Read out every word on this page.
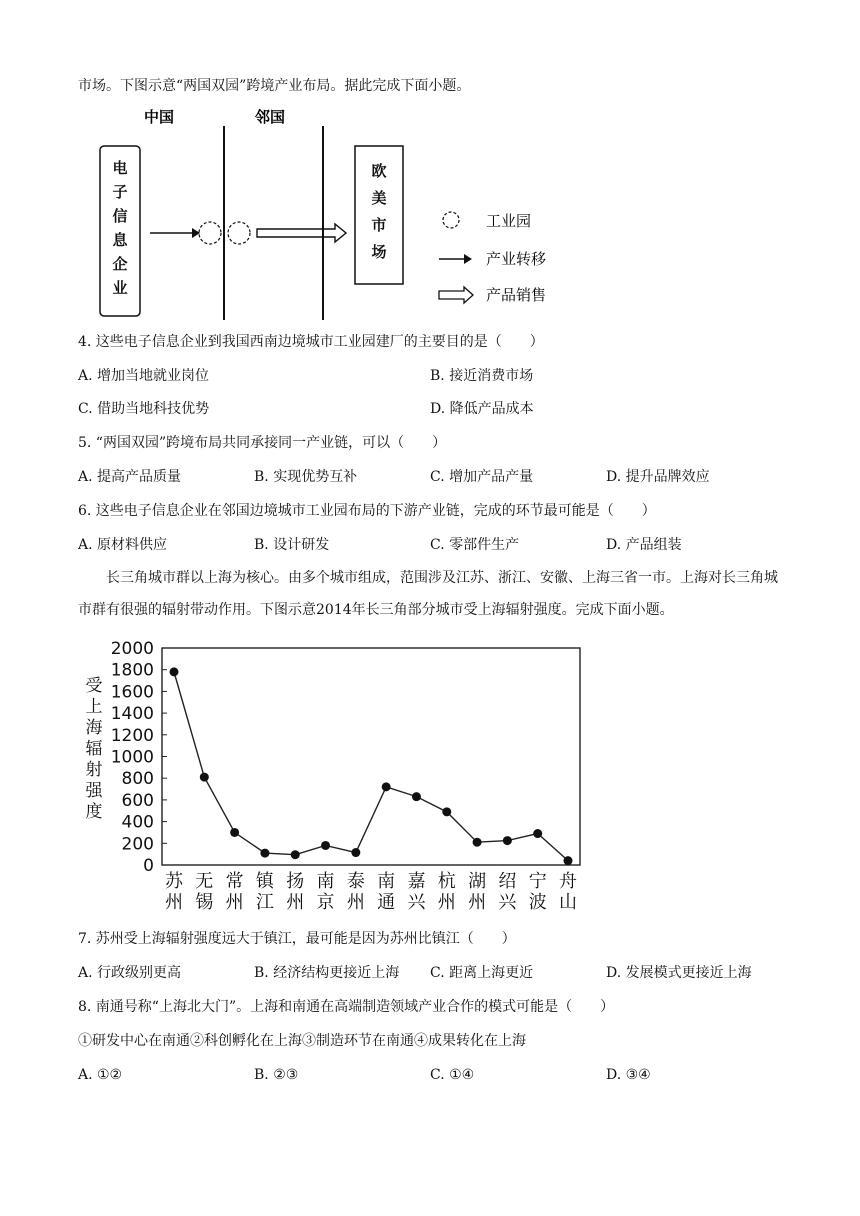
市场。下图示意“两国双园”跨境产业布局。据此完成下面小题。
中国	邻国
工业园
产业转移
产品销售
电
子
信
息
企
业
欧
美
市
场
4. 这些电子信息企业到我国西南边境城市工业园建厂的主要目的是（　　）
A. 增加当地就业岗位	B. 接近消费市场
C. 借助当地科技优势	D. 降低产品成本
5. “两国双园”跨境布局共同承接同一产业链，可以（　　）
A. 提高产品质量	B. 实现优势互补	C. 增加产品产量	D. 提升品牌效应
6. 这些电子信息企业在邻国边境城市工业园布局的下游产业链，完成的环节最可能是（　　）
A. 原材料供应	B. 设计研发	C. 零部件生产	D. 产品组装
长三角城市群以上海为核心。由多个城市组成，范围涉及江苏、浙江、安徽、上海三省一市。上海对长三角城市群有很强的辐射带动作用。下图示意2014年长三角部分城市受上海辐射强度。完成下面小题。
受
上
海
辐
射
强
度
0
200
400
600
800
1000
1200
1400
1600
1800
2000
苏
州
无
锡
常
州
镇
江
扬
州
南
京
泰
州
南
通
嘉
兴
杭
州
湖
州
绍
兴
宁
波
舟
山
7. 苏州受上海辐射强度远大于镇江，最可能是因为苏州比镇江（　　）
A. 行政级别更高	B. 经济结构更接近上海 C. 距离上海更近	D. 发展模式更接近上海
8. 南通号称“上海北大门”。上海和南通在高端制造领域产业合作的模式可能是（　　）
①研发中心在南通②科创孵化在上海③制造环节在南通④成果转化在上海
A. ①②	B. ②③	C. ①④	D. ③④
